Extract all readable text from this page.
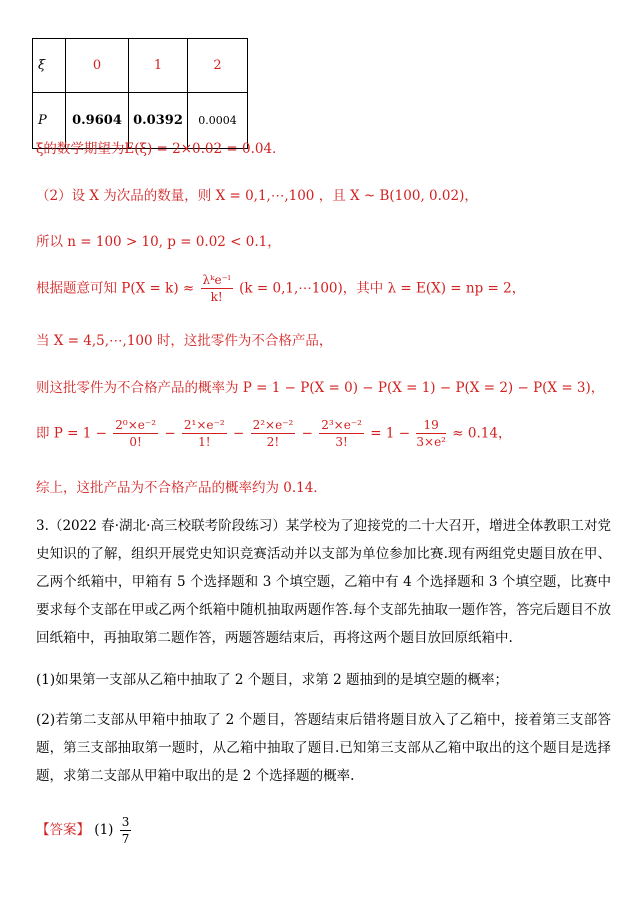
ξ	0	1	2
P	0.9604	0.0392	0.0004
ξ的数学期望为E(ξ) = 2×0.02 = 0.04．
（2）设 X 为次品的数量，则 X = 0,1,⋯,100 ，且 X ~ B(100, 0.02)，
所以 n = 100 > 10, p = 0.02 < 0.1，
根据题意可知 $P(X = k) \approx \frac{\text{λᵏe⁻ˡ}}{k!} (k$ = 0,1,⋯100)，其中 λ = E(X) = np = 2，
当 X = 4,5,⋯,100 时，这批零件为不合格产品，
则这批零件为不合格产品的概率为 P = 1 − P(X = 0) − P(X = 1) − P(X = 2) − P(X = 3)，
即 $P = 1 - \frac{\text{2⁰×e⁻²}}{0!} - \frac{\text{2¹×e⁻²}}{1!} - \frac{\text{2²×e⁻²}}{2!} - \frac{\text{2³×e⁻²}}{3!} = 1 - \frac{19}{\text{3×e²}} \approx 0.14$，
综上，这批产品为不合格产品的概率约为 0.14．
3.（2022 春·湖北·高三校联考阶段练习）某学校为了迎接党的二十大召开，增进全体教职工对党史知识的了解，组织开展党史知识竞赛活动并以支部为单位参加比赛.现有两组党史题目放在甲、乙两个纸箱中，甲箱有 5 个选择题和 3 个填空题，乙箱中有 4 个选择题和 3 个填空题，比赛中要求每个支部在甲或乙两个纸箱中随机抽取两题作答.每个支部先抽取一题作答，答完后题目不放回纸箱中，再抽取第二题作答，两题答题结束后，再将这两个题目放回原纸箱中.
(1)如果第一支部从乙箱中抽取了 2 个题目，求第 2 题抽到的是填空题的概率；
(2)若第二支部从甲箱中抽取了 2 个题目，答题结束后错将题目放入了乙箱中，接着第三支部答题，第三支部抽取第一题时，从乙箱中抽取了题目.已知第三支部从乙箱中取出的这个题目是选择题，求第二支部从甲箱中取出的是 2 个选择题的概率.
【答案】 $(1) \frac{3}{7}$
